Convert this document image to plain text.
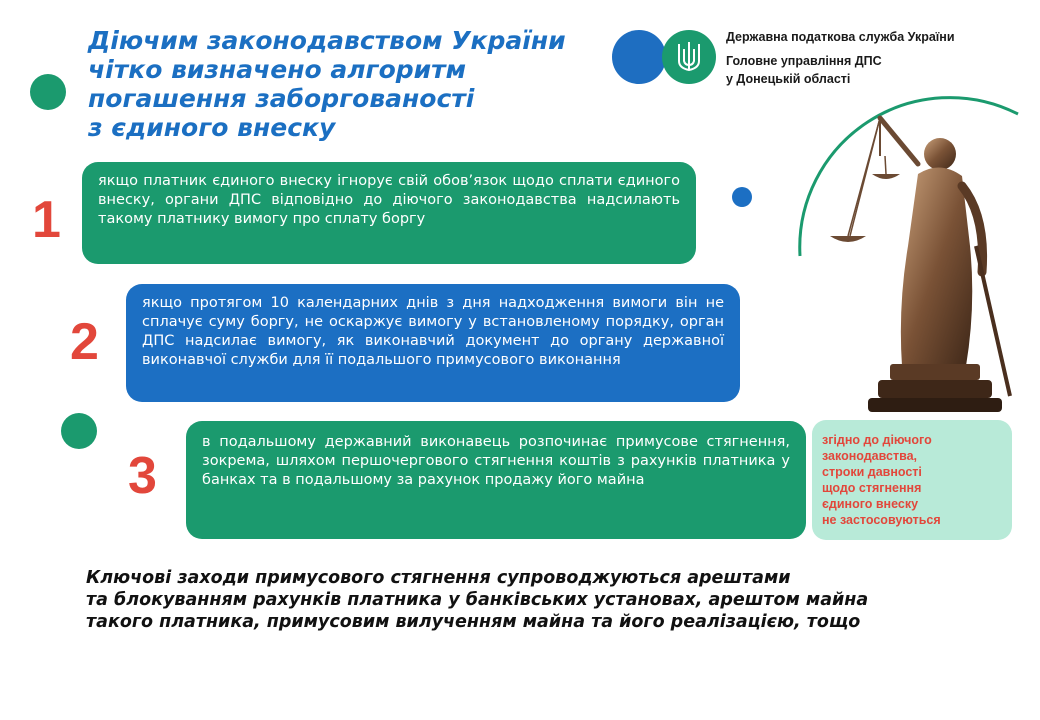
Діючим законодавством України
чітко визначено алгоритм
погашення заборгованості
з єдиного внеску
Державна податкова служба України
Головне управління ДПС
у Донецькій області
1
якщо платник єдиного внеску ігнорує свій обов’язок щодо сплати єдиного внеску, органи ДПС відповідно до діючого законодавства надсилають такому платнику вимогу про сплату боргу
2
якщо протягом 10 календарних днів з дня надходження вимоги він не сплачує суму боргу, не оскаржує вимогу у встановленому порядку, орган ДПС надсилає вимогу, як виконавчий документ до органу державної виконавчої служби для її подальшого примусового виконання
3
в подальшому державний виконавець розпочинає примусове стягнення, зокрема, шляхом першочергового стягнення коштів з рахунків платника у банках та в подальшому за рахунок продажу його майна
згідно до діючого
законодавства,
строки давності
щодо стягнення
єдиного внеску
не застосовуються
Ключові заходи примусового стягнення супроводжуються арештами
та блокуванням рахунків платника у банківських установах, арештом майна
такого платника, примусовим вилученням майна та його реалізацією, тощо
